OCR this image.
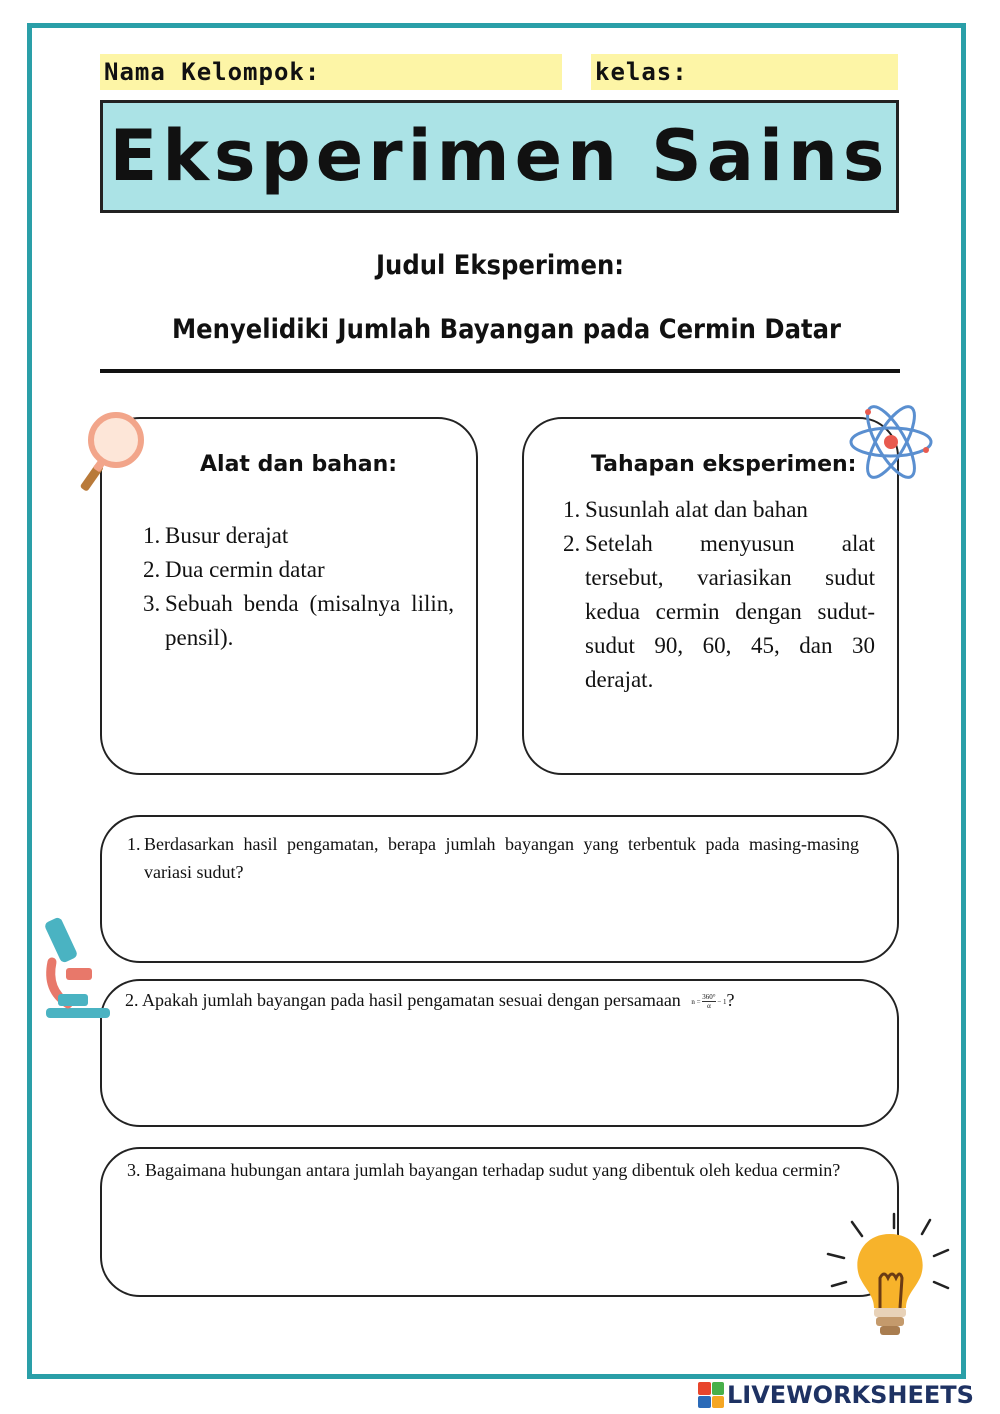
Nama Kelompok:	kelas:
Eksperimen Sains
Judul Eksperimen:
Menyelidiki Jumlah Bayangan pada Cermin Datar
Alat dan bahan:
1. Busur derajat
2. Dua cermin datar
3. Sebuah benda (misalnya lilin, pensil).
Tahapan eksperimen:
1. Susunlah alat dan bahan
2. Setelah menyusun alat tersebut, variasikan sudut kedua cermin dengan sudut-sudut 90, 60, 45, dan 30 derajat.
1. Berdasarkan hasil pengamatan, berapa jumlah bayangan yang terbentuk pada masing-masing variasi sudut?
2. Apakah jumlah bayangan pada hasil pengamatan sesuai dengan persamaan $n = \frac{360^\circ}{\alpha} - 1$?
3. Bagaimana hubungan antara jumlah bayangan terhadap sudut yang dibentuk oleh kedua cermin?
LIVEWORKSHEETS
